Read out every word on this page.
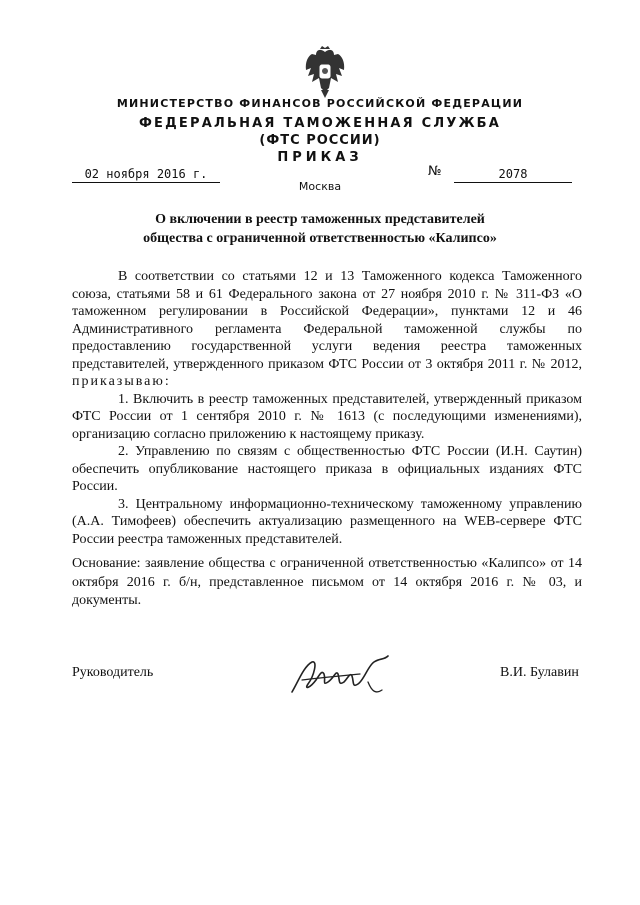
МИНИСТЕРСТВО ФИНАНСОВ РОССИЙСКОЙ ФЕДЕРАЦИИ
ФЕДЕРАЛЬНАЯ ТАМОЖЕННАЯ СЛУЖБА
(ФТС РОССИИ)
ПРИКАЗ
02 ноября 2016 г.	№	2078
Москва
О включении в реестр таможенных представителей
общества с ограниченной ответственностью «Калипсо»

В соответствии со статьями 12 и 13 Таможенного кодекса Таможенного союза, статьями 58 и 61 Федерального закона от 27 ноября 2010 г. № 311-ФЗ «О таможенном регулировании в Российской Федерации», пунктами 12 и 46 Административного регламента Федеральной таможенной службы по предоставлению государственной услуги ведения реестра таможенных представителей, утвержденного приказом ФТС России от 3 октября 2011 г. № 2012, приказываю:

1. Включить в реестр таможенных представителей, утвержденный приказом ФТС России от 1 сентября 2010 г. № 1613 (с последующими изменениями), организацию согласно приложению к настоящему приказу.

2. Управлению по связям с общественностью ФТС России (И.Н. Саутин) обеспечить опубликование настоящего приказа в официальных изданиях ФТС России.

3. Центральному информационно-техническому таможенному управлению (А.А. Тимофеев) обеспечить актуализацию размещенного на WEB-сервере ФТС России реестра таможенных представителей.

Основание: заявление общества с ограниченной ответственностью «Калипсо» от 14 октября 2016 г. б/н, представленное письмом от 14 октября 2016 г. № 03, и документы.
Руководитель	В.И. Булавин
